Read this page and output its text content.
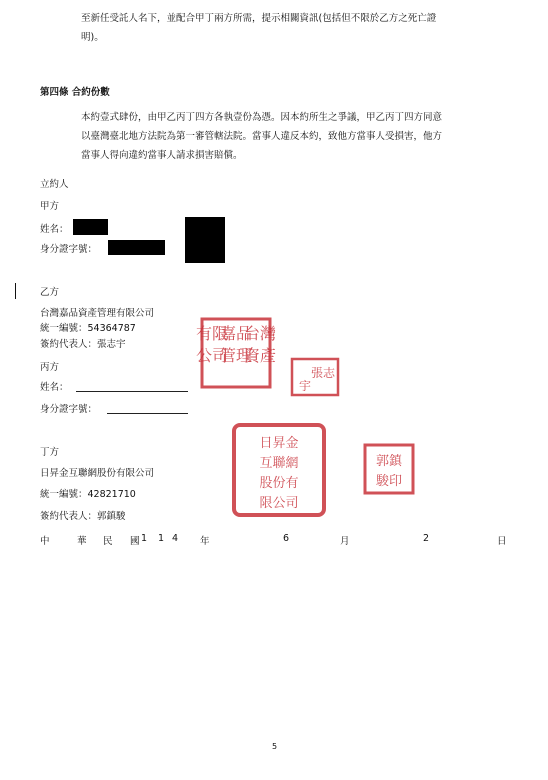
至新任受託人名下，並配合甲丁兩方所需，提示相關資訊(包括但不限於乙方之死亡證
明)。
第四條 合約份數
本約壹式肆份，由甲乙丙丁四方各執壹份為憑。因本約所生之爭議，甲乙丙丁四方同意
以臺灣臺北地方法院為第一審管轄法院。當事人違反本約，致他方當事人受損害，他方
當事人得向違約當事人請求損害賠償。
立約人
甲方
姓名：
身分證字號：
乙方
台灣嘉品資產管理有限公司
統一編號：54364787
簽約代表人：張志宇
丙方
姓名：
身分證字號：
丁方
日昇金互聯網股份有限公司
統一編號：42821710
簽約代表人：郭鎮駿
中	華 民 國 1 1 4 年	6	月	2	日
5
台灣
嘉品
有限
資產
管理
公司
張志
宇
日昇金
互聯網
股份有
限公司
郭鎮
駿印
